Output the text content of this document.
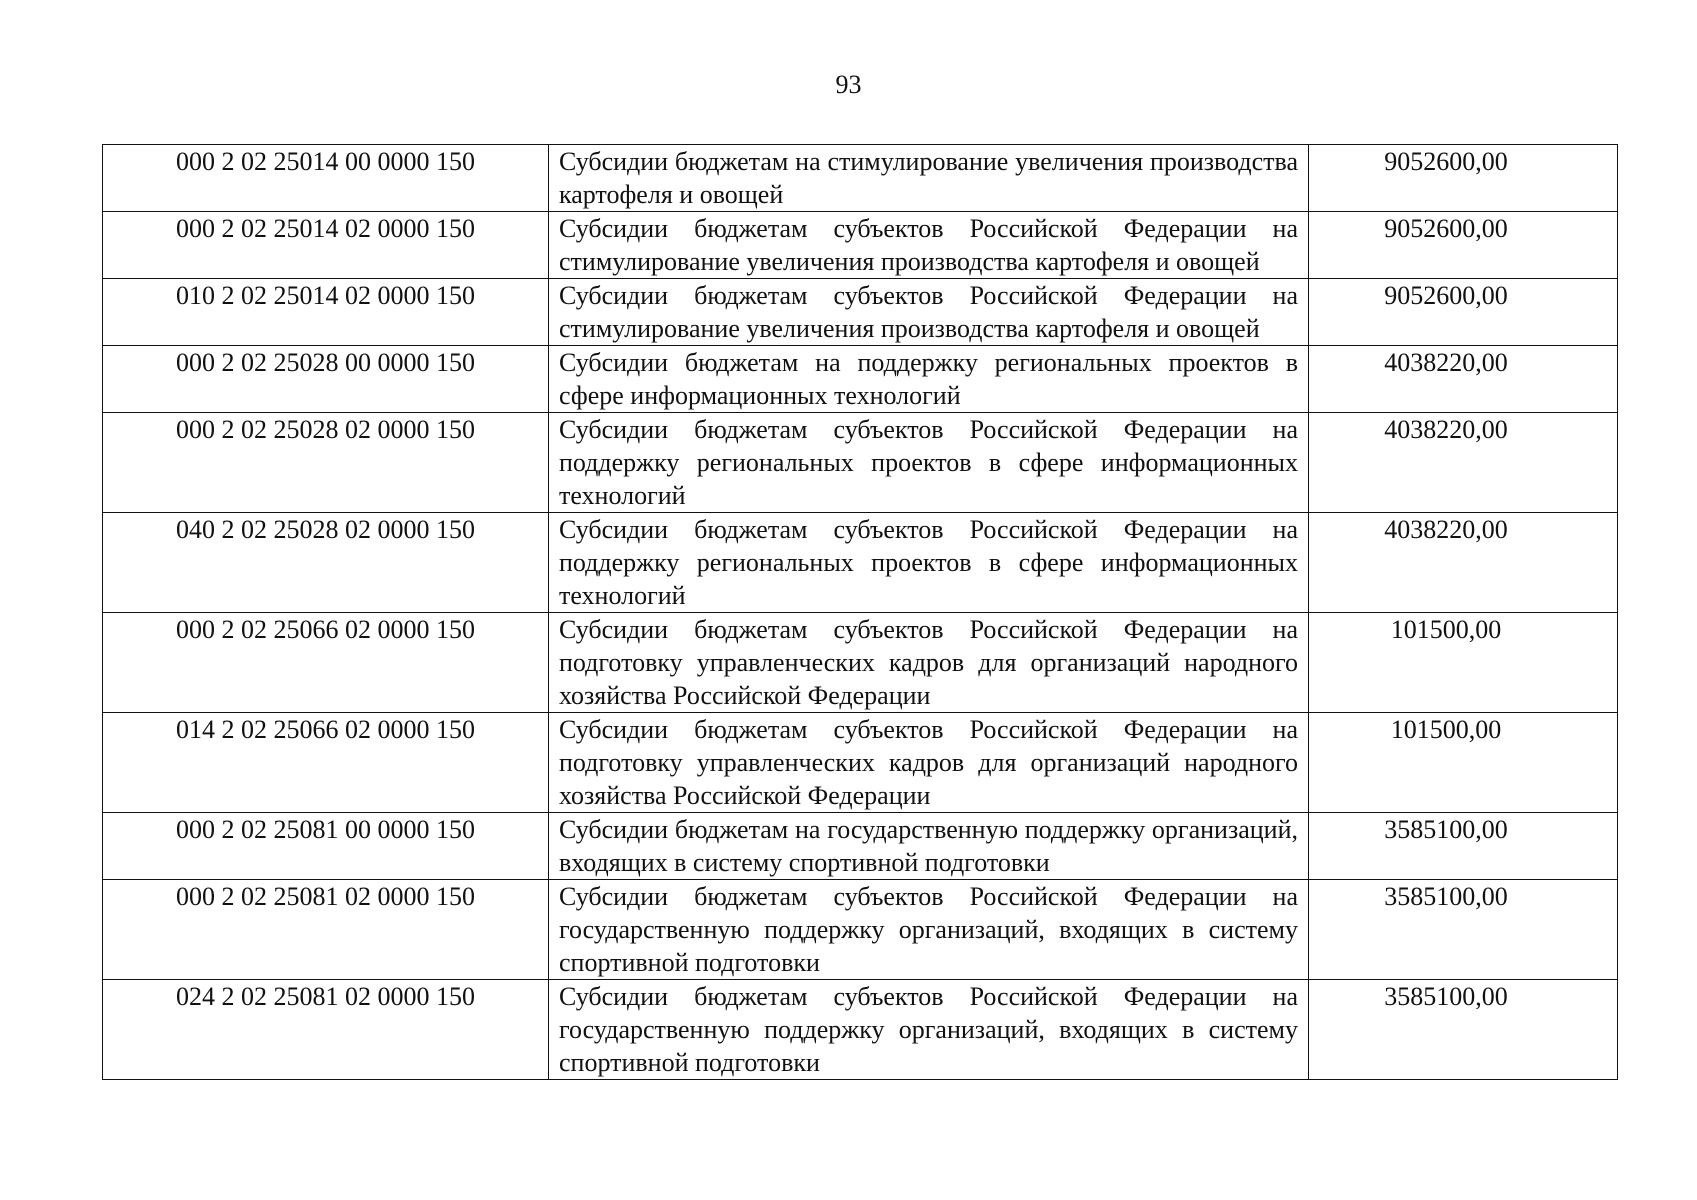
93
000 2 02 25014 00 0000 150	Субсидии бюджетам на стимулирование увеличения производства картофеля и овощей	9052600,00
000 2 02 25014 02 0000 150	Субсидии бюджетам субъектов Российской Федерации на стимулирование увеличения производства картофеля и овощей	9052600,00
010 2 02 25014 02 0000 150	Субсидии бюджетам субъектов Российской Федерации на стимулирование увеличения производства картофеля и овощей	9052600,00
000 2 02 25028 00 0000 150	Субсидии бюджетам на поддержку региональных проектов в сфере информационных технологий	4038220,00
000 2 02 25028 02 0000 150	Субсидии бюджетам субъектов Российской Федерации на поддержку региональных проектов в сфере информационных технологий	4038220,00
040 2 02 25028 02 0000 150	Субсидии бюджетам субъектов Российской Федерации на поддержку региональных проектов в сфере информационных технологий	4038220,00
000 2 02 25066 02 0000 150	Субсидии бюджетам субъектов Российской Федерации на подготовку управленческих кадров для организаций народного хозяйства Российской Федерации	101500,00
014 2 02 25066 02 0000 150	Субсидии бюджетам субъектов Российской Федерации на подготовку управленческих кадров для организаций народного хозяйства Российской Федерации	101500,00
000 2 02 25081 00 0000 150	Субсидии бюджетам на государственную поддержку организаций, входящих в систему спортивной подготовки	3585100,00
000 2 02 25081 02 0000 150	Субсидии бюджетам субъектов Российской Федерации на государственную поддержку организаций, входящих в систему спортивной подготовки	3585100,00
024 2 02 25081 02 0000 150	Субсидии бюджетам субъектов Российской Федерации на государственную поддержку организаций, входящих в систему спортивной подготовки	3585100,00
